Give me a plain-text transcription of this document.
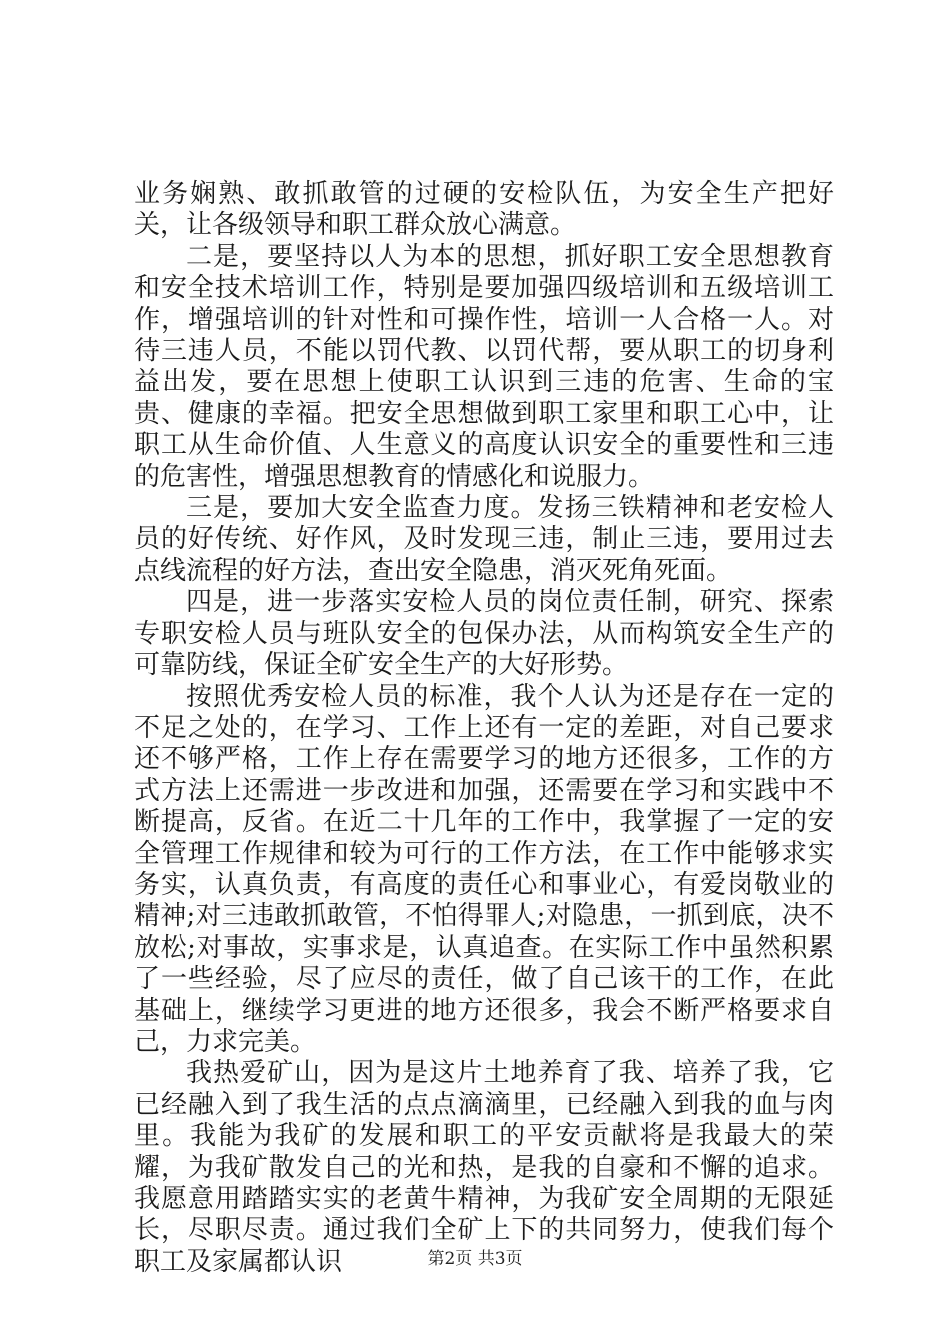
业务娴熟、敢抓敢管的过硬的安检队伍，为安全生产把好关，让各级领导和职工群众放心满意。

二是，要坚持以人为本的思想，抓好职工安全思想教育和安全技术培训工作，特别是要加强四级培训和五级培训工作，增强培训的针对性和可操作性，培训一人合格一人。对待三违人员，不能以罚代教、以罚代帮，要从职工的切身利益出发，要在思想上使职工认识到三违的危害、生命的宝贵、健康的幸福。把安全思想做到职工家里和职工心中，让职工从生命价值、人生意义的高度认识安全的重要性和三违的危害性，增强思想教育的情感化和说服力。

三是，要加大安全监查力度。发扬三铁精神和老安检人员的好传统、好作风，及时发现三违，制止三违，要用过去点线流程的好方法，查出安全隐患，消灭死角死面。

四是，进一步落实安检人员的岗位责任制，研究、探索专职安检人员与班队安全的包保办法，从而构筑安全生产的可靠防线，保证全矿安全生产的大好形势。

按照优秀安检人员的标准，我个人认为还是存在一定的不足之处的，在学习、工作上还有一定的差距，对自己要求还不够严格，工作上存在需要学习的地方还很多，工作的方式方法上还需进一步改进和加强，还需要在学习和实践中不断提高，反省。在近二十几年的工作中，我掌握了一定的安全管理工作规律和较为可行的工作方法，在工作中能够求实务实，认真负责，有高度的责任心和事业心，有爱岗敬业的精神;对三违敢抓敢管，不怕得罪人;对隐患，一抓到底，决不放松;对事故，实事求是，认真追查。在实际工作中虽然积累了一些经验，尽了应尽的责任，做了自己该干的工作，在此基础上，继续学习更进的地方还很多，我会不断严格要求自己，力求完美。

我热爱矿山，因为是这片土地养育了我、培养了我，它已经融入到了我生活的点点滴滴里，已经融入到我的血与肉里。我能为我矿的发展和职工的平安贡献将是我最大的荣耀，为我矿散发自己的光和热，是我的自豪和不懈的追求。我愿意用踏踏实实的老黄牛精神，为我矿安全周期的无限延长，尽职尽责。通过我们全矿上下的共同努力，使我们每个职工及家属都认识	第2页 共3页
